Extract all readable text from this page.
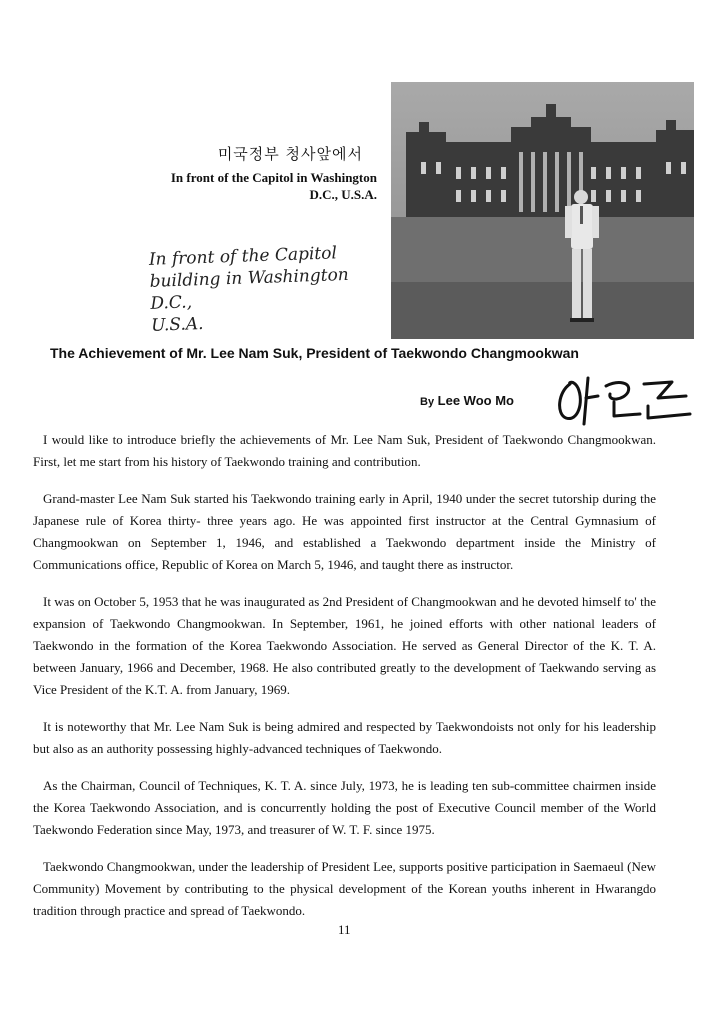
미국정부 청사앞에서
In front of the Capitol in Washington
D.C., U.S.A.
In front of the Capitol
building in Washington D.C.,
U.S.A.
The Achievement of Mr. Lee Nam Suk, President of Taekwondo Changmookwan
By Lee Woo Mo

I would like to introduce briefly the achievements of Mr. Lee Nam Suk, President of Taekwondo Changmookwan. First, let me start from his history of Taekwondo training and contribution.

Grand-master Lee Nam Suk started his Taekwondo training early in April, 1940 under the secret tutorship during the Japanese rule of Korea thirty- three years ago. He was appointed first instructor at the Central Gymnasium of Changmookwan on September 1, 1946, and established a Taekwondo department inside the Ministry of Communications office, Republic of Korea on March 5, 1946, and taught there as instructor.

It was on October 5, 1953 that he was inaugurated as 2nd President of Changmookwan and he devoted himself to' the expansion of Taekwondo Changmookwan. In September, 1961, he joined efforts with other national leaders of Taekwondo in the formation of the Korea Taekwondo Association. He served as General Director of the K. T. A. between January, 1966 and December, 1968. He also contributed greatly to the development of Taekwando serving as Vice President of the K.T. A. from January, 1969.

It is noteworthy that Mr. Lee Nam Suk is being admired and respected by Taekwondoists not only for his leadership but also as an authority possessing highly-advanced techniques of Taekwondo.

As the Chairman, Council of Techniques, K. T. A. since July, 1973, he is leading ten sub-committee chairmen inside the Korea Taekwondo Association, and is concurrently holding the post of Executive Council member of the World Taekwondo Federation since May, 1973, and treasurer of W. T. F. since 1975.

Taekwondo Changmookwan, under the leadership of President Lee, supports positive participation in Saemaeul (New Community) Movement by contributing to the physical development of the Korean youths inherent in Hwarangdo tradition through practice and spread of Taekwondo.

11
